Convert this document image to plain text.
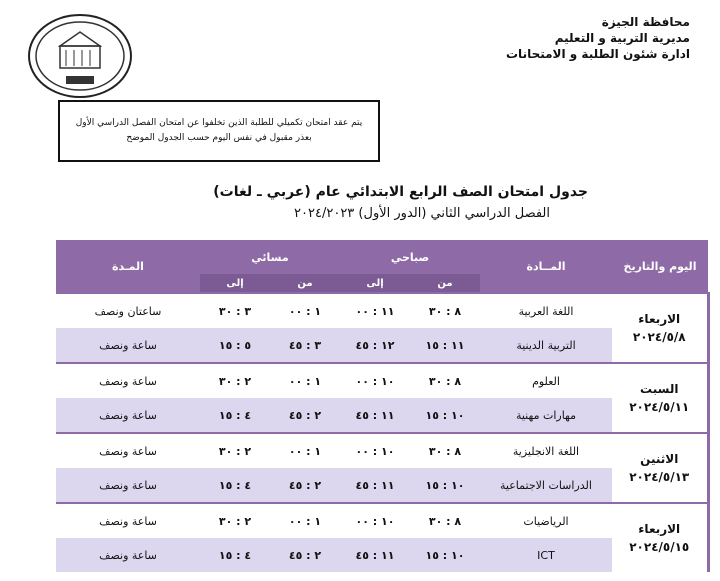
محافظة الجيزة
مديرية التربية و التعليم
ادارة شئون الطلبة و الامتحانات
يتم عقد امتحان تكميلي للطلبة الذين تخلفوا عن امتحان الفصل الدراسي الأول
بعذر مقبول في نفس اليوم حسب الجدول الموضح
جدول امتحان الصف الرابع الابتدائي عام (عربي ـ لغات)
الفصل الدراسي الثاني (الدور الأول) ٢٠٢٤/٢٠٢٣
اليوم والتاريخ	المــادة	صباحي		مسائي		المـدة
		من	إلى	من	إلى	

الاربعاء
٢٠٢٤/٥/٨	اللغة العربية	٨ : ٣٠	١١ : ٠٠	١ : ٠٠	٣ : ٣٠	ساعتان ونصف
	التربية الدينية	١١ : ١٥	١٢ : ٤٥	٣ : ٤٥	٥ : ١٥	ساعة ونصف

السبت
٢٠٢٤/٥/١١	العلوم	٨ : ٣٠	١٠ : ٠٠	١ : ٠٠	٢ : ٣٠	ساعة ونصف
	مهارات مهنية	١٠ : ١٥	١١ : ٤٥	٢ : ٤٥	٤ : ١٥	ساعة ونصف

الاثنين
٢٠٢٤/٥/١٣	اللغة الانجليزية	٨ : ٣٠	١٠ : ٠٠	١ : ٠٠	٢ : ٣٠	ساعة ونصف
	الدراسات الاجتماعية	١٠ : ١٥	١١ : ٤٥	٢ : ٤٥	٤ : ١٥	ساعة ونصف

الاربعاء
٢٠٢٤/٥/١٥	الرياضيات	٨ : ٣٠	١٠ : ٠٠	١ : ٠٠	٢ : ٣٠	ساعة ونصف
	ICT	١٠ : ١٥	١١ : ٤٥	٢ : ٤٥	٤ : ١٥	ساعة ونصف
